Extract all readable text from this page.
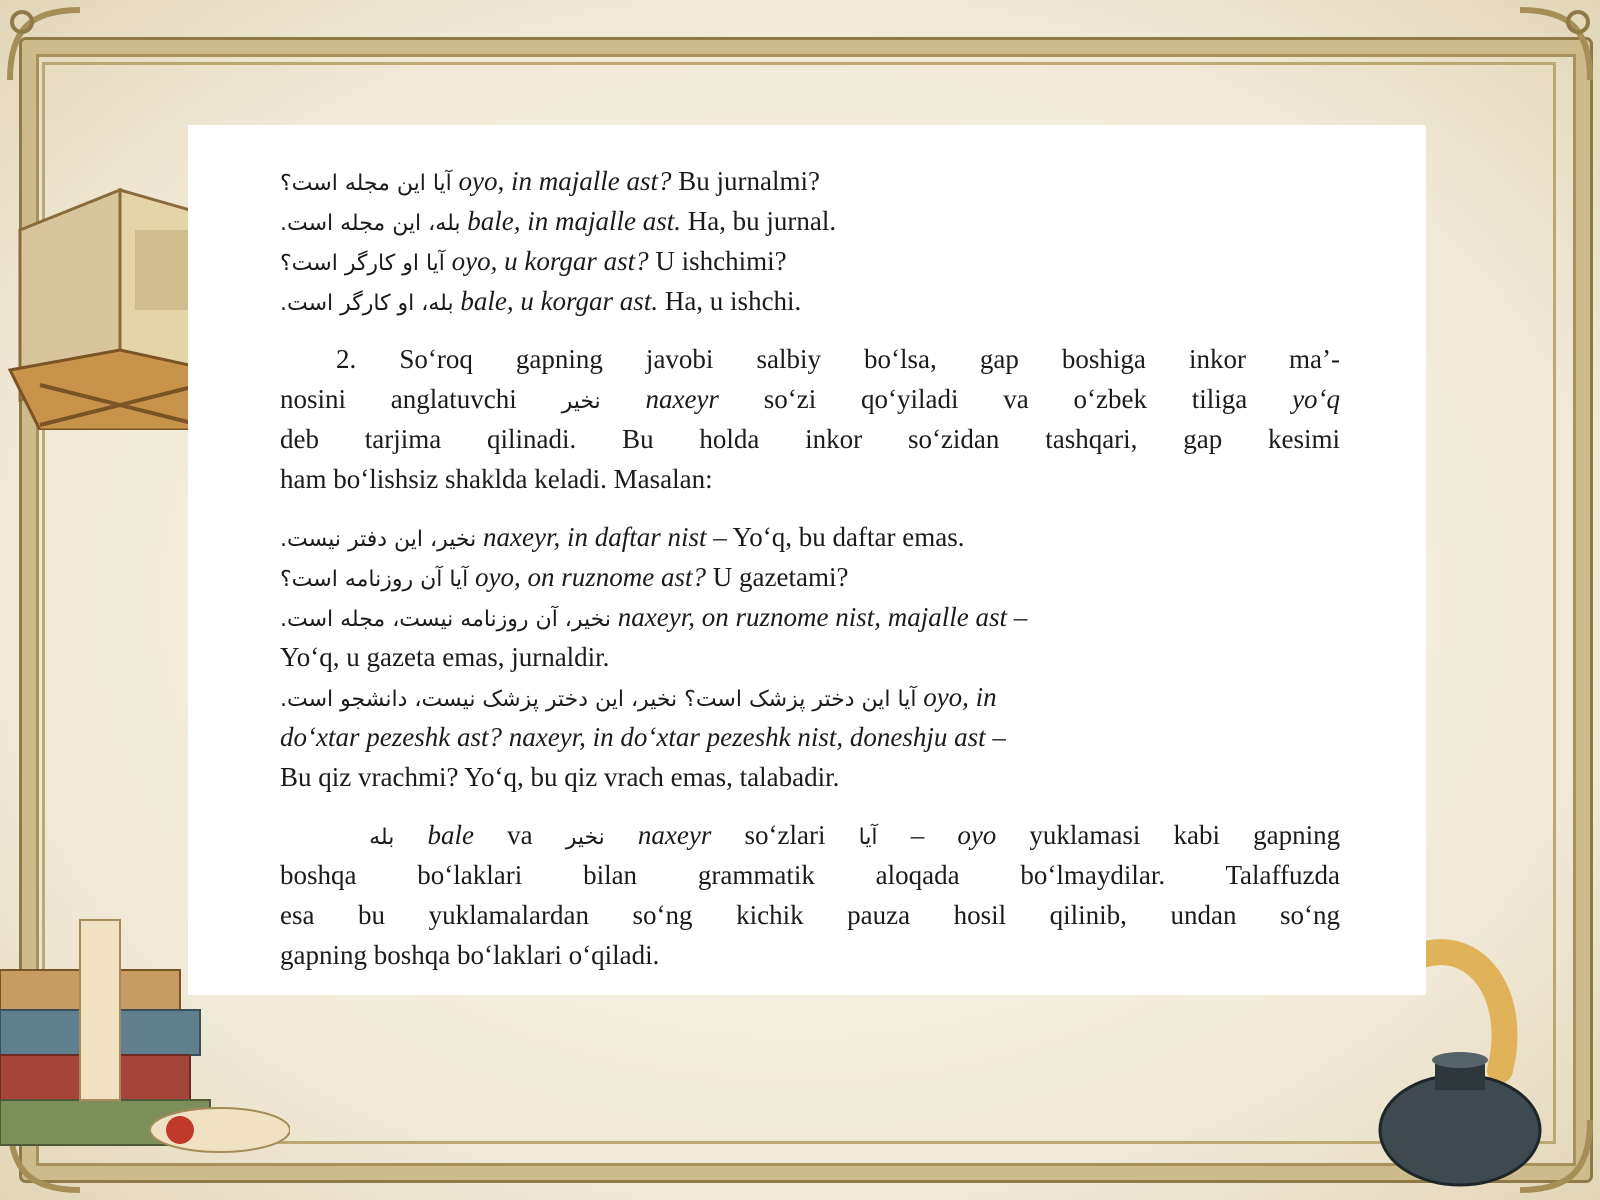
آیا این مجله است؟ oyo, in majalle ast? Bu jurnalmi?
بله، این مجله است. bale, in majalle ast. Ha, bu jurnal.
آیا او کارگر است؟ oyo, u korgar ast? U ishchimi?
بله، او کارگر است. bale, u korgar ast. Ha, u ishchi.
2. So‘roq gapning javobi salbiy bo‘lsa, gap boshiga inkor ma’-
nosini anglatuvchi نخیر naxeyr so‘zi qo‘yiladi va o‘zbek tiliga yo‘q
deb tarjima qilinadi. Bu holda inkor so‘zidan tashqari, gap kesimi
ham bo‘lishsiz shaklda keladi. Masalan:
نخیر، این دفتر نیست. naxeyr, in daftar nist – Yo‘q, bu daftar emas.
آیا آن روزنامه است؟ oyo, on ruznome ast? U gazetami?
نخیر، آن روزنامه نیست، مجله است. naxeyr, on ruznome nist, majalle ast –
Yo‘q, u gazeta emas, jurnaldir.
آیا این دختر پزشک است؟ نخیر، این دختر پزشک نیست، دانشجو است. oyo, in
do‘xtar pezeshk ast? naxeyr, in do‘xtar pezeshk nist, doneshju ast –
Bu qiz vrachmi? Yo‘q, bu qiz vrach emas, talabadir.
بله bale va نخیر naxeyr so‘zlari آیا – oyo yuklamasi kabi gapning
boshqa bo‘laklari bilan grammatik aloqada bo‘lmaydilar. Talaffuzda
esa bu yuklamalardan so‘ng kichik pauza hosil qilinib, undan so‘ng
gapning boshqa bo‘laklari o‘qiladi.
